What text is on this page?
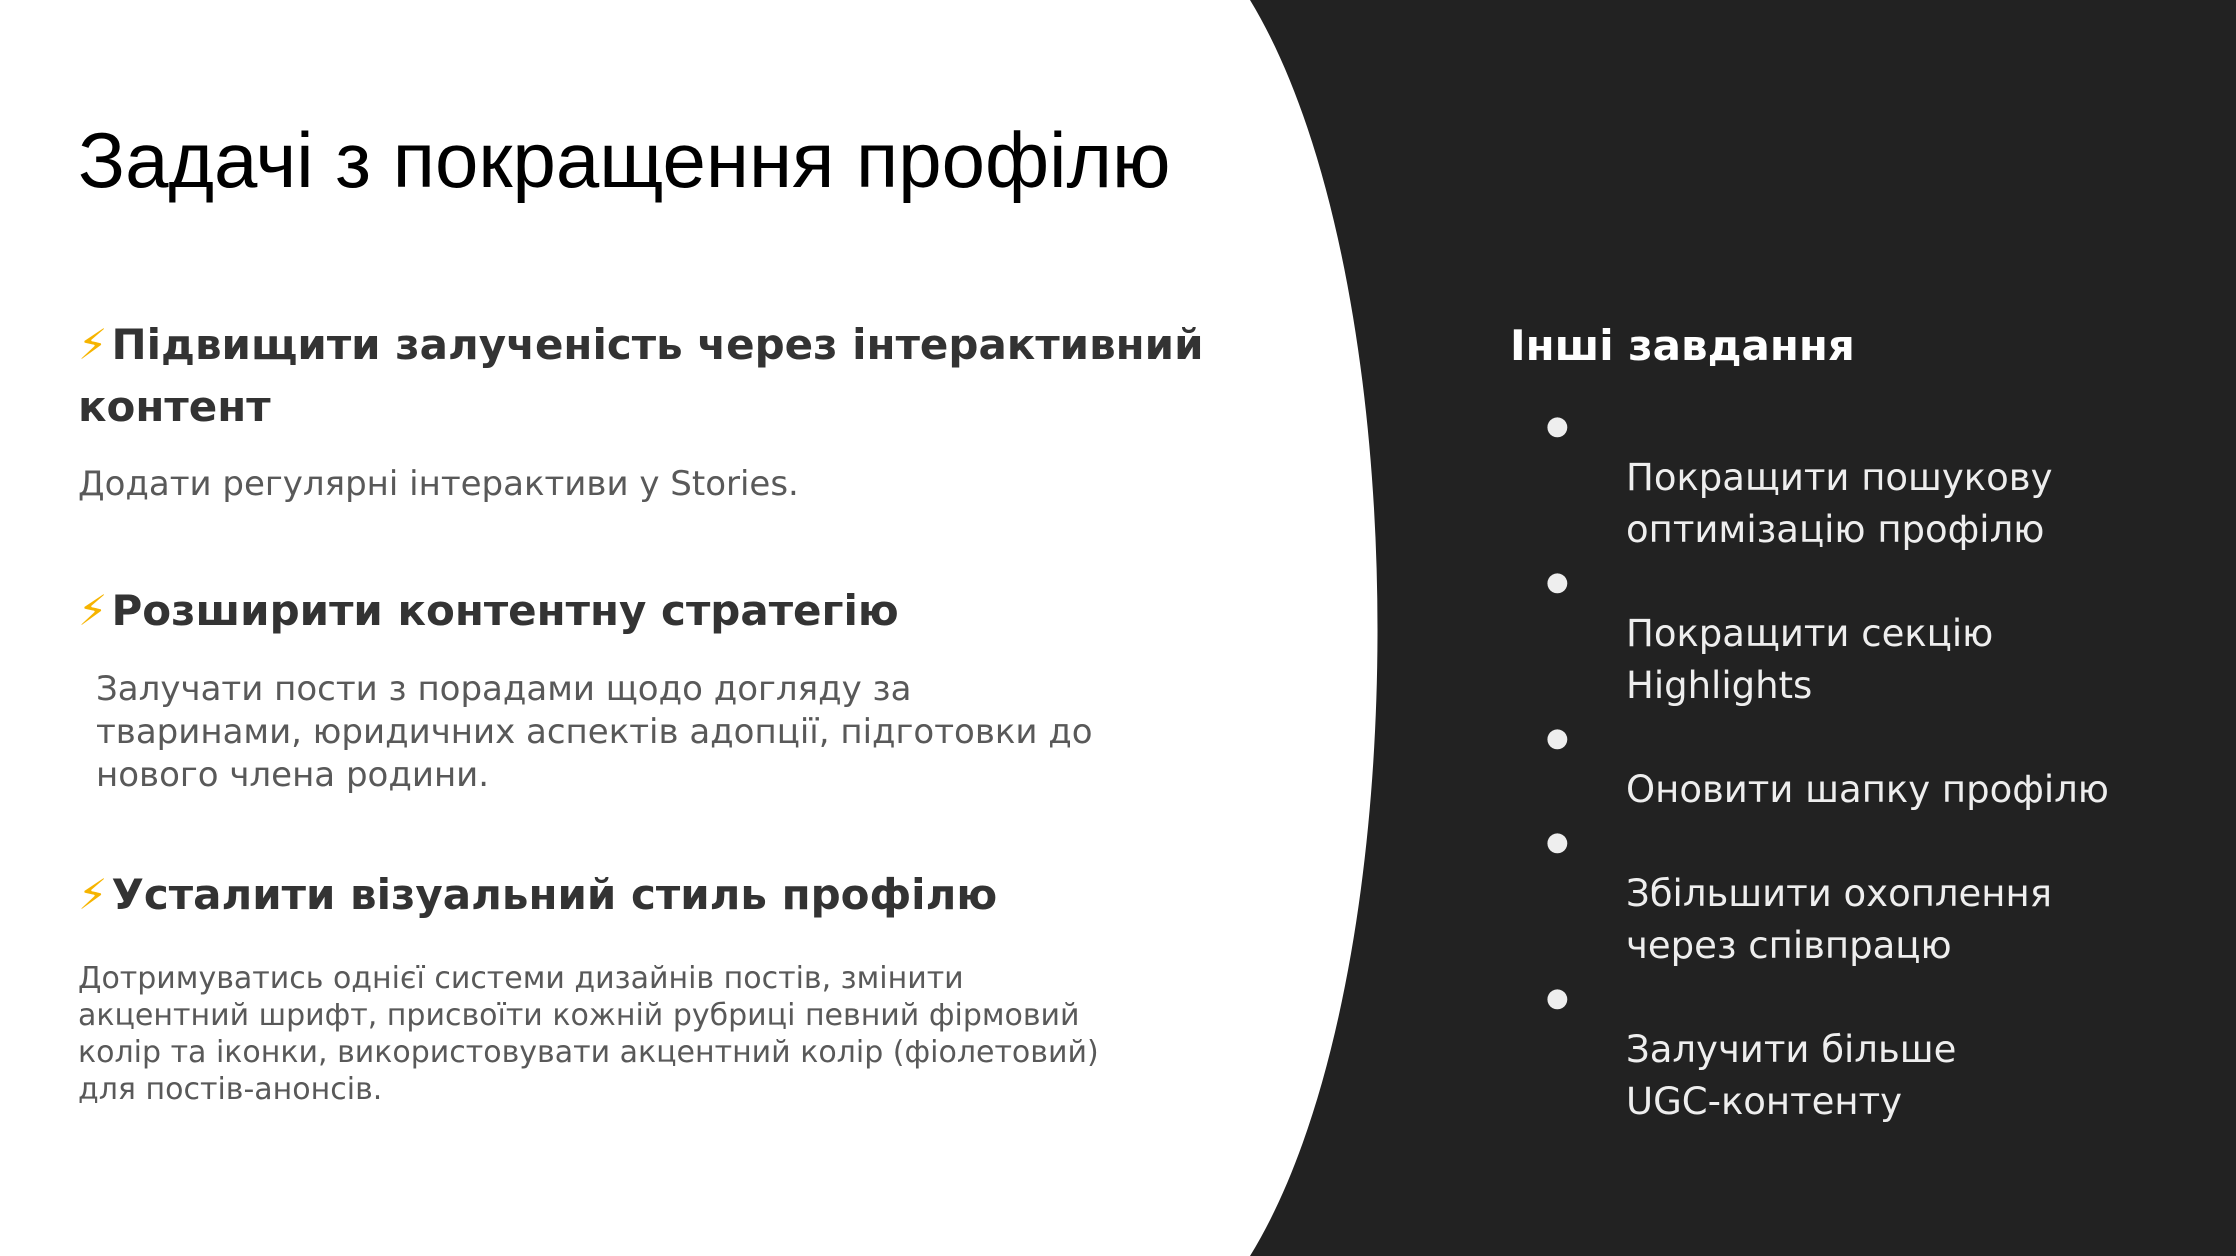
Задачі з покращення профілю

⚡Підвищити залученість через інтерактивний контент

Додати регулярні інтерактиви у Stories.

⚡Розширити контентну стратегію

Залучати пости з порадами щодо догляду за
тваринами, юридичних аспектів адопції, підготовки до
нового члена родини.

⚡Усталити візуальний стиль профілю

Дотримуватись однієї системи дизайнів постів, змінити
акцентний шрифт, присвоїти кожній рубриці певний фірмовий
колір та іконки, використовувати акцентний колір (фіолетовий)
для постів-анонсів.

Інші завдання

●
Покращити пошукову
оптимізацію профілю

●
Покращити секцію
Highlights

●
Оновити шапку профілю

●
Збільшити охоплення
через співпрацю

●
Залучити більше
UGC-контенту
